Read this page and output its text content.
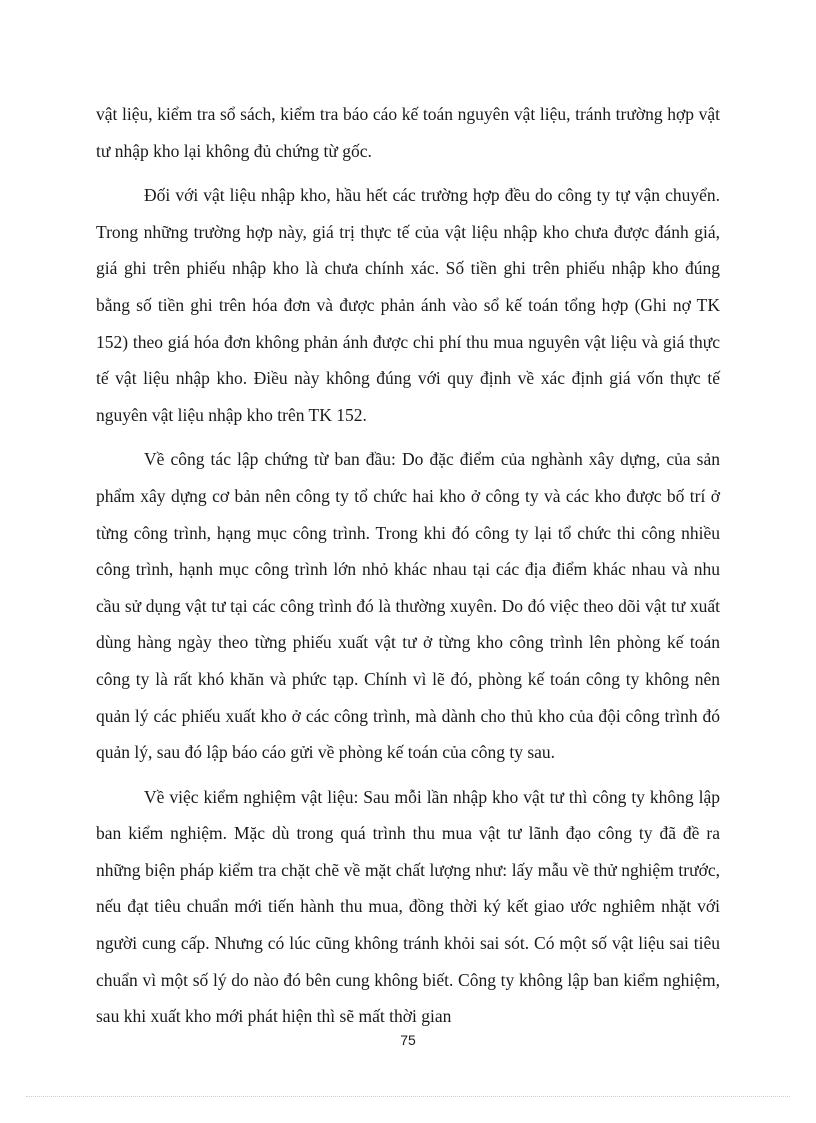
vật liệu, kiểm tra sổ sách, kiểm tra báo cáo kế toán nguyên vật liệu, tránh trường hợp vật tư nhập kho lại không đủ chứng từ gốc.

Đối với vật liệu nhập kho, hầu hết các trường hợp đều do công ty tự vận chuyển. Trong những trường hợp này, giá trị thực tế của vật liệu nhập kho chưa được đánh giá, giá ghi trên phiếu nhập kho là chưa chính xác. Số tiền ghi trên phiếu nhập kho đúng bằng số tiền ghi trên hóa đơn và được phản ánh vào sổ kế toán tổng hợp (Ghi nợ TK 152) theo giá hóa đơn không phản ánh được chi phí thu mua nguyên vật liệu và giá thực tế vật liệu nhập kho. Điều này không đúng với quy định về xác định giá vốn thực tế nguyên vật liệu nhập kho trên TK 152.

Về công tác lập chứng từ ban đầu: Do đặc điểm của nghành xây dựng, của sản phẩm xây dựng cơ bản nên công ty tổ chức hai kho ở công ty và các kho được bố trí ở từng công trình, hạng mục công trình. Trong khi đó công ty lại tổ chức thi công nhiều công trình, hạnh mục công trình lớn nhỏ khác nhau tại các địa điểm khác nhau và nhu cầu sử dụng vật tư tại các công trình đó là thường xuyên. Do đó việc theo dõi vật tư xuất dùng hàng ngày theo từng phiếu xuất vật tư ở từng kho công trình lên phòng kế toán công ty là rất khó khăn và phức tạp. Chính vì lẽ đó, phòng kế toán công ty không nên quản lý các phiếu xuất kho ở các công trình, mà dành cho thủ kho của đội công trình đó quản lý, sau đó lập báo cáo gửi về phòng kế toán của công ty sau.

Về việc kiểm nghiệm vật liệu: Sau mỗi lần nhập kho vật tư thì công ty không lập ban kiểm nghiệm. Mặc dù trong quá trình thu mua vật tư lãnh đạo công ty đã đề ra những biện pháp kiểm tra chặt chẽ về mặt chất lượng như: lấy mẫu về thử nghiệm trước, nếu đạt tiêu chuẩn mới tiến hành thu mua, đồng thời ký kết giao ước nghiêm nhặt với người cung cấp. Nhưng có lúc cũng không tránh khỏi sai sót. Có một số vật liệu sai tiêu chuẩn vì một số lý do nào đó bên cung không biết. Công ty không lập ban kiểm nghiệm, sau khi xuất kho mới phát hiện thì sẽ mất thời gian

75
